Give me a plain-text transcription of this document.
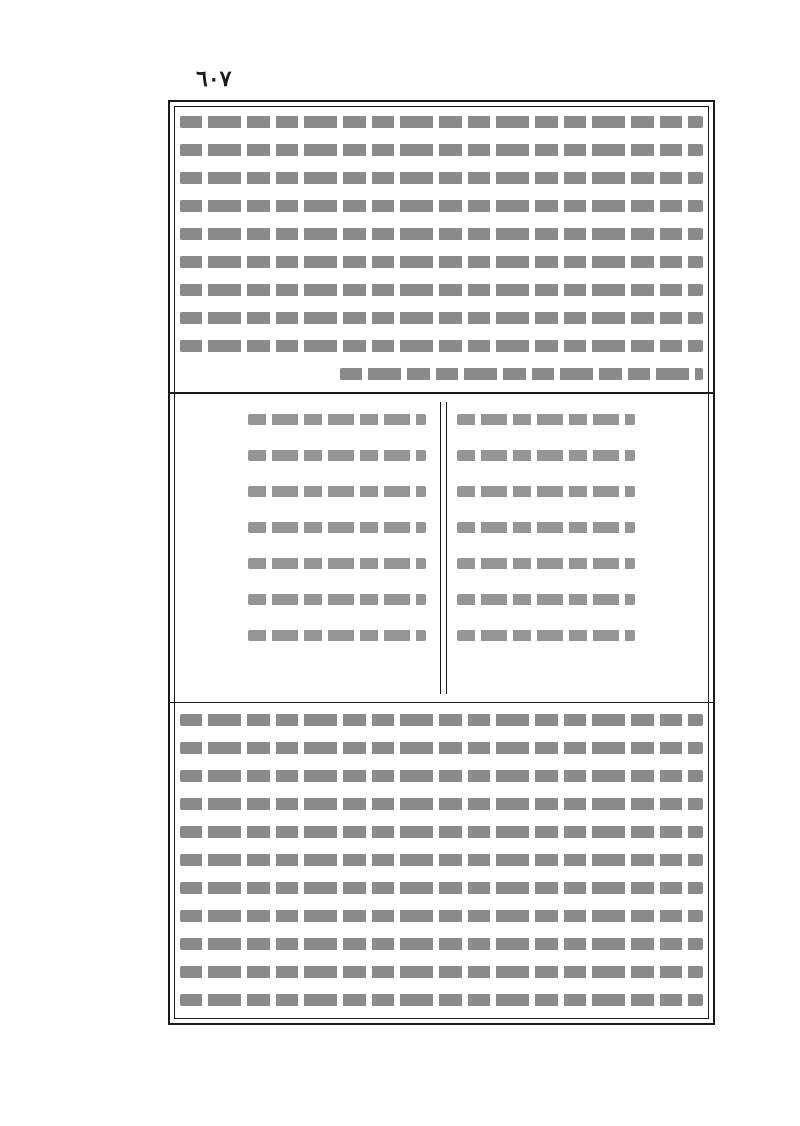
٦٠٧
